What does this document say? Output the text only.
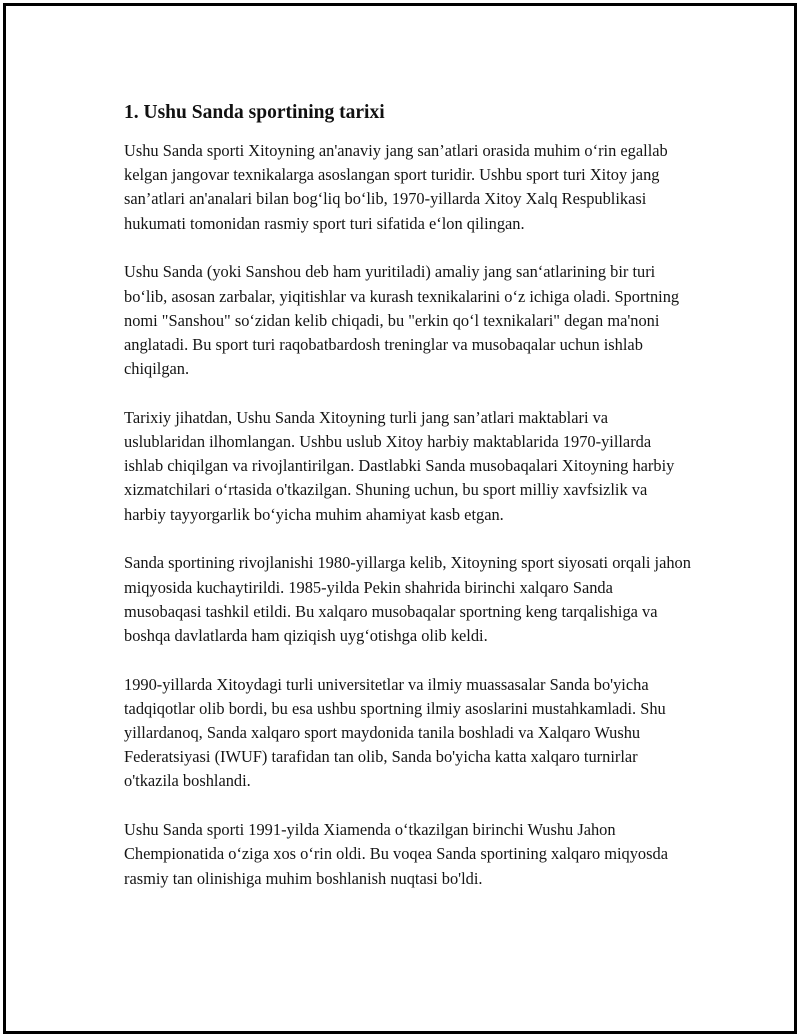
1. Ushu Sanda sportining tarixi

Ushu Sanda sporti Xitoyning an'anaviy jang san’atlari orasida muhim o‘rin egallab kelgan jangovar texnikalarga asoslangan sport turidir. Ushbu sport turi Xitoy jang san’atlari an'analari bilan bog‘liq bo‘lib, 1970-yillarda Xitoy Xalq Respublikasi hukumati tomonidan rasmiy sport turi sifatida e‘lon qilingan.

Ushu Sanda (yoki Sanshou deb ham yuritiladi) amaliy jang san‘atlarining bir turi bo‘lib, asosan zarbalar, yiqitishlar va kurash texnikalarini o‘z ichiga oladi. Sportning nomi "Sanshou" so‘zidan kelib chiqadi, bu "erkin qo‘l texnikalari" degan ma'noni anglatadi. Bu sport turi raqobatbardosh treninglar va musobaqalar uchun ishlab chiqilgan.

Tarixiy jihatdan, Ushu Sanda Xitoyning turli jang san’atlari maktablari va uslublaridan ilhomlangan. Ushbu uslub Xitoy harbiy maktablarida 1970-yillarda ishlab chiqilgan va rivojlantirilgan. Dastlabki Sanda musobaqalari Xitoyning harbiy xizmatchilari o‘rtasida o'tkazilgan. Shuning uchun, bu sport milliy xavfsizlik va harbiy tayyorgarlik bo‘yicha muhim ahamiyat kasb etgan.

Sanda sportining rivojlanishi 1980-yillarga kelib, Xitoyning sport siyosati orqali jahon miqyosida kuchaytirildi. 1985-yilda Pekin shahrida birinchi xalqaro Sanda musobaqasi tashkil etildi. Bu xalqaro musobaqalar sportning keng tarqalishiga va boshqa davlatlarda ham qiziqish uyg‘otishga olib keldi.

1990-yillarda Xitoydagi turli universitetlar va ilmiy muassasalar Sanda bo'yicha tadqiqotlar olib bordi, bu esa ushbu sportning ilmiy asoslarini mustahkamladi. Shu yillardanoq, Sanda xalqaro sport maydonida tanila boshladi va Xalqaro Wushu Federatsiyasi (IWUF) tarafidan tan olib, Sanda bo'yicha katta xalqaro turnirlar o'tkazila boshlandi.

Ushu Sanda sporti 1991-yilda Xiamenda o‘tkazilgan birinchi Wushu Jahon Chempionatida o‘ziga xos o‘rin oldi. Bu voqea Sanda sportining xalqaro miqyosda rasmiy tan olinishiga muhim boshlanish nuqtasi bo'ldi.
